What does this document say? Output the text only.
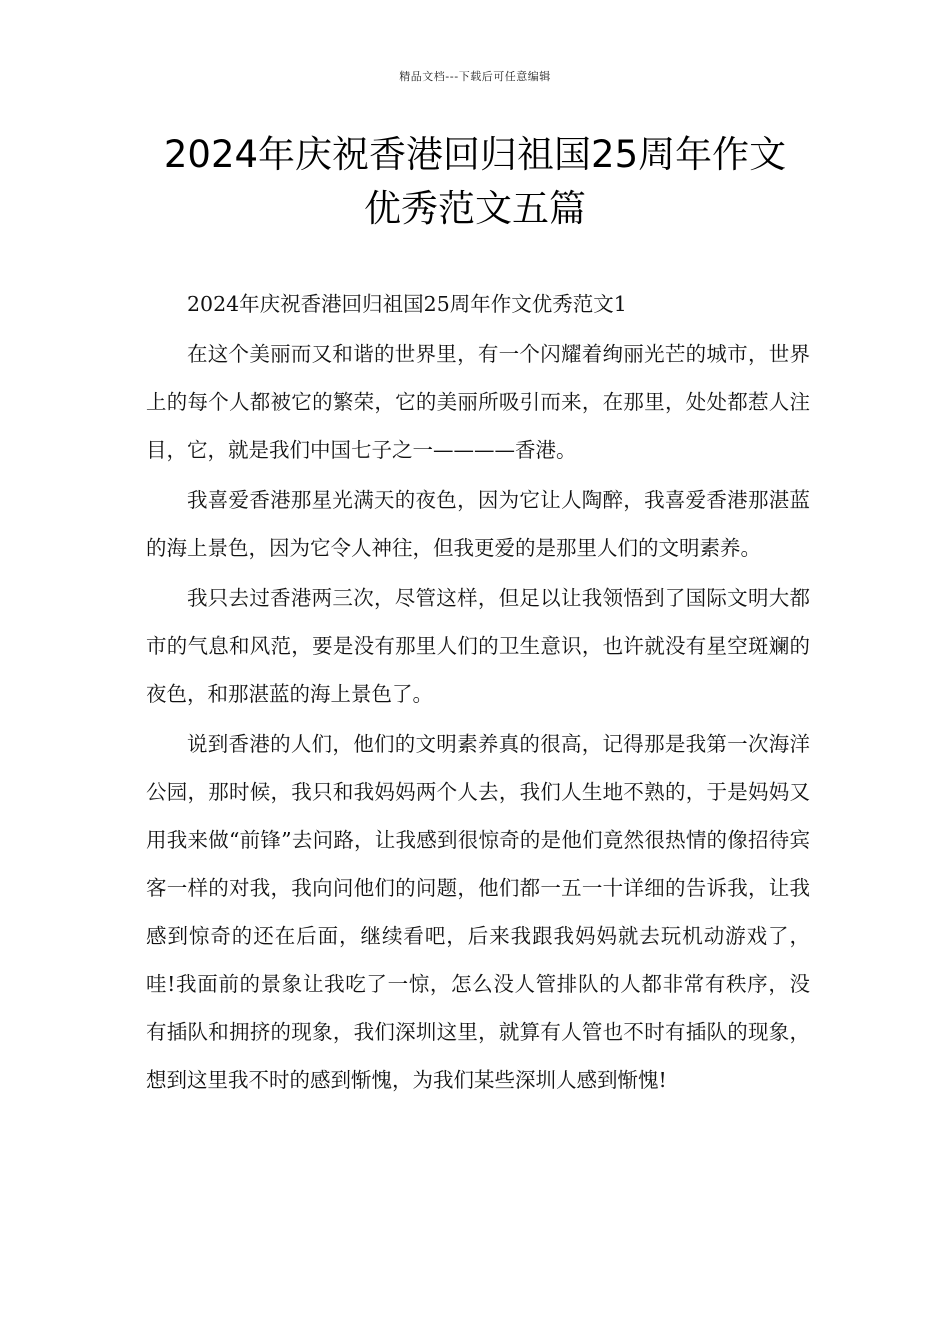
精品文档---下载后可任意编辑
2024年庆祝香港回归祖国25周年作文
优秀范文五篇

2024年庆祝香港回归祖国25周年作文优秀范文1

在这个美丽而又和谐的世界里，有一个闪耀着绚丽光芒的城市，世界上的每个人都被它的繁荣，它的美丽所吸引而来，在那里，处处都惹人注目，它，就是我们中国七子之一————香港。

我喜爱香港那星光满天的夜色，因为它让人陶醉，我喜爱香港那湛蓝的海上景色，因为它令人神往，但我更爱的是那里人们的文明素养。

我只去过香港两三次，尽管这样，但足以让我领悟到了国际文明大都市的气息和风范，要是没有那里人们的卫生意识，也许就没有星空斑斓的夜色，和那湛蓝的海上景色了。

说到香港的人们，他们的文明素养真的很高，记得那是我第一次海洋公园，那时候，我只和我妈妈两个人去，我们人生地不熟的，于是妈妈又用我来做“前锋”去问路，让我感到很惊奇的是他们竟然很热情的像招待宾客一样的对我，我向问他们的问题，他们都一五一十详细的告诉我，让我感到惊奇的还在后面，继续看吧，后来我跟我妈妈就去玩机动游戏了，哇!我面前的景象让我吃了一惊，怎么没人管排队的人都非常有秩序，没有插队和拥挤的现象，我们深圳这里，就算有人管也不时有插队的现象，想到这里我不时的感到惭愧，为我们某些深圳人感到惭愧!
